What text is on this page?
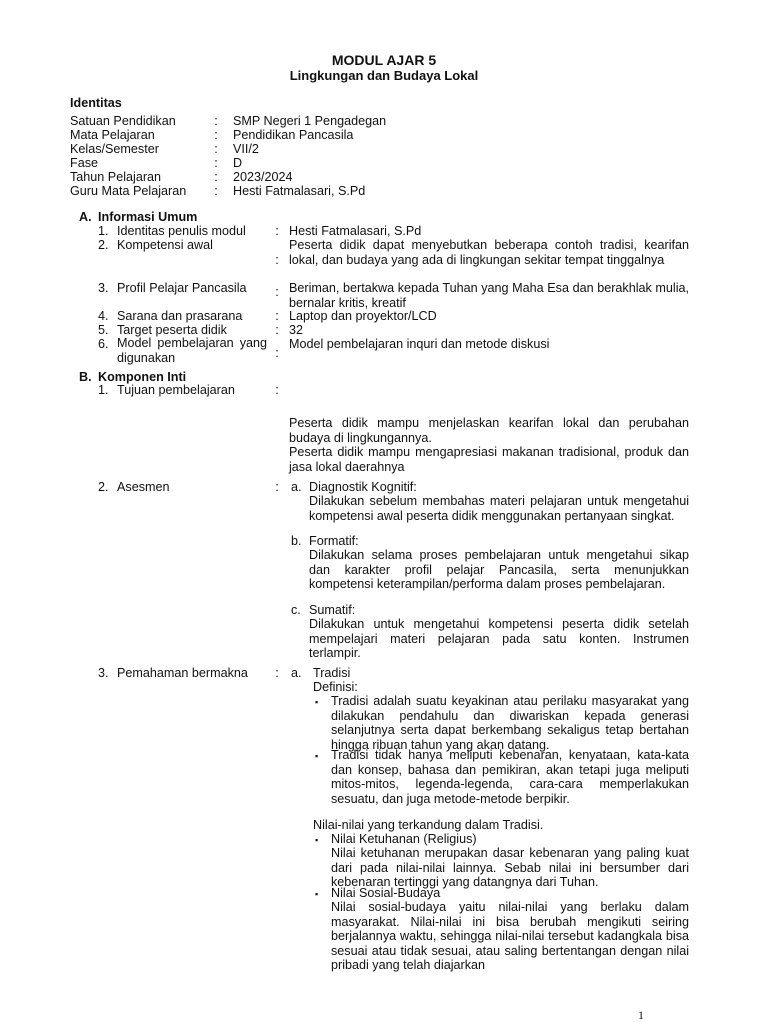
MODUL AJAR 5
Lingkungan dan Budaya Lokal
Identitas
Satuan Pendidikan	: SMP Negeri 1 Pengadegan
Mata Pelajaran	: Pendidikan Pancasila
Kelas/Semester	: VII/2
Fase	: D
Tahun Pelajaran	: 2023/2024
Guru Mata Pelajaran : Hesti Fatmalasari, S.Pd
A. Informasi Umum
1. Identitas penulis modul : Hesti Fatmalasari, S.Pd
2. Kompetensi awal
:
Peserta didik dapat menyebutkan beberapa contoh tradisi, kearifan lokal, dan budaya yang ada di lingkungan sekitar tempat tinggalnya
3. Profil Pelajar Pancasila : Beriman, bertakwa kepada Tuhan yang Maha Esa dan berakhlak mulia, bernalar kritis, kreatif
4. Sarana dan prasarana	: Laptop dan proyektor/LCD
5. Target peserta didik	: 32
6. Model pembelajaran yang digunakan	:
Model pembelajaran inquri dan metode diskusi
B. Komponen Inti
1. Tujuan pembelajaran	:
Peserta didik mampu menjelaskan kearifan lokal dan perubahan budaya di lingkungannya.
Peserta didik mampu mengapresiasi makanan tradisional, produk dan jasa lokal daerahnya
2. Asesmen	: a. Diagnostik Kognitif:
Dilakukan sebelum membahas materi pelajaran untuk mengetahui kompetensi awal peserta didik menggunakan pertanyaan singkat.
b. Formatif:
Dilakukan selama proses pembelajaran untuk mengetahui sikap dan karakter profil pelajar Pancasila, serta menunjukkan kompetensi keterampilan/performa dalam proses pembelajaran.
c. Sumatif:
Dilakukan untuk mengetahui kompetensi peserta didik setelah mempelajari materi pelajaran pada satu konten. Instrumen terlampir.
3. Pemahaman bermakna : a. Tradisi
Definisi:
▪ Tradisi adalah suatu keyakinan atau perilaku masyarakat yang dilakukan pendahulu dan diwariskan kepada generasi selanjutnya serta dapat berkembang sekaligus tetap bertahan hingga ribuan tahun yang akan datang.
▪ Tradisi tidak hanya meliputi kebenaran, kenyataan, kata-kata dan konsep, bahasa dan pemikiran, akan tetapi juga meliputi mitos-mitos, legenda-legenda, cara-cara memperlakukan sesuatu, dan juga metode-metode berpikir.
Nilai-nilai yang terkandung dalam Tradisi.
▪ Nilai Ketuhanan (Religius)
Nilai ketuhanan merupakan dasar kebenaran yang paling kuat dari pada nilai-nilai lainnya. Sebab nilai ini bersumber dari kebenaran tertinggi yang datangnya dari Tuhan.
▪ Nilai Sosial-Budaya
Nilai sosial-budaya yaitu nilai-nilai yang berlaku dalam masyarakat. Nilai-nilai ini bisa berubah mengikuti seiring berjalannya waktu, sehingga nilai-nilai tersebut kadangkala bisa sesuai atau tidak sesuai, atau saling bertentangan dengan nilai pribadi yang telah diajarkan
1
